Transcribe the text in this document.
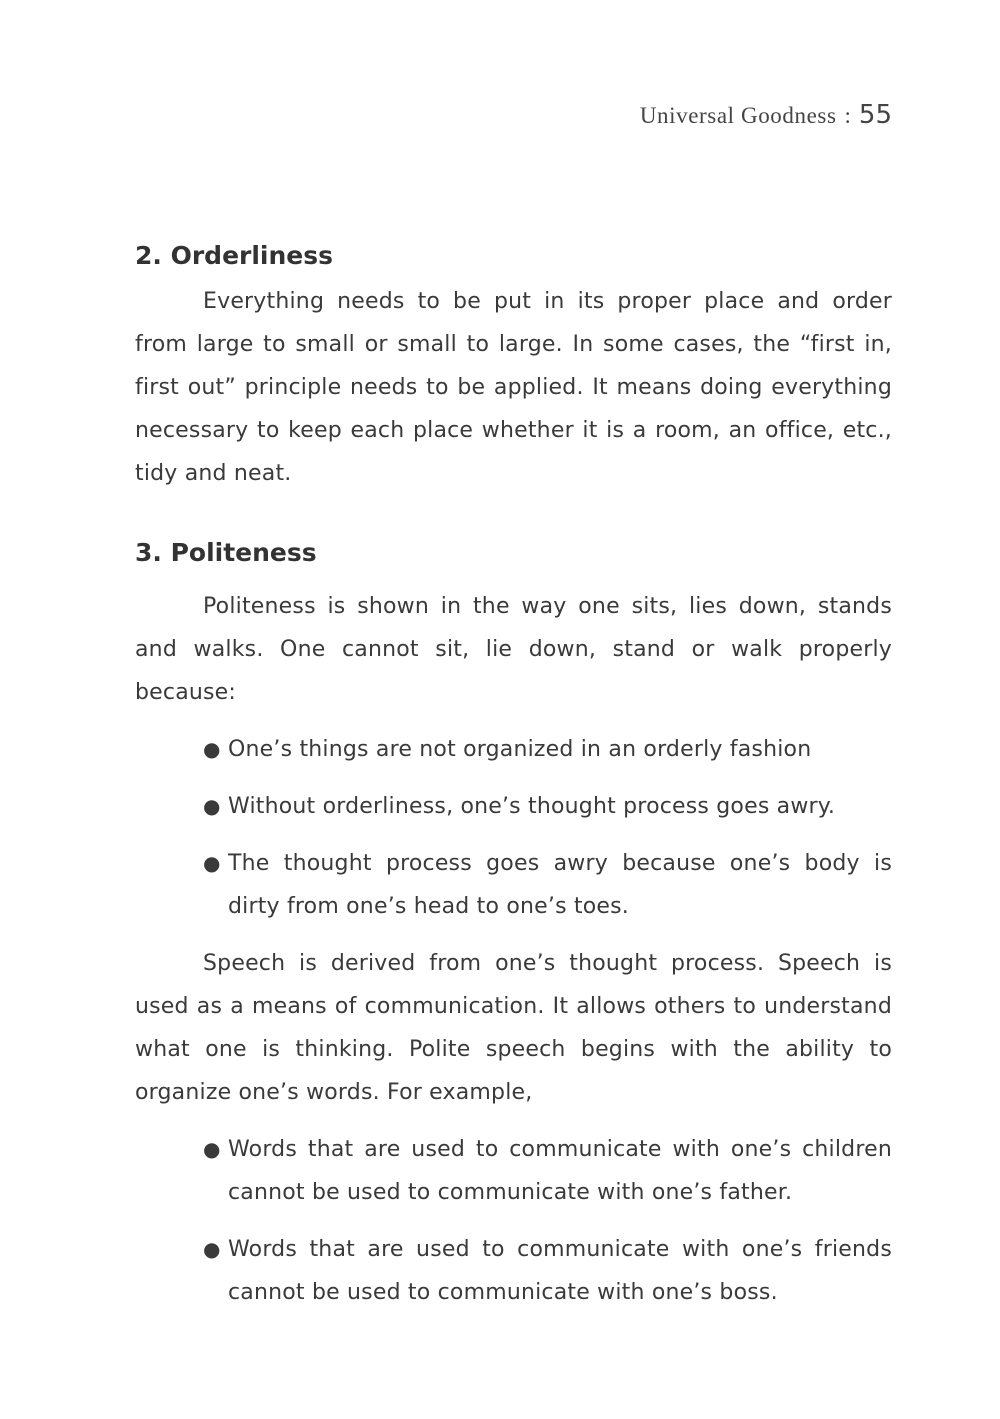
Universal Goodness : 55
2. Orderliness

Everything needs to be put in its proper place and order from large to small or small to large. In some cases, the “first in, first out” principle needs to be applied. It means doing everything necessary to keep each place whether it is a room, an office, etc., tidy and neat.

3. Politeness

Politeness is shown in the way one sits, lies down, stands and walks. One cannot sit, lie down, stand or walk properly because:

● One’s things are not organized in an orderly fashion
● Without orderliness, one’s thought process goes awry.
● The thought process goes awry because one’s body is dirty from one’s head to one’s toes.

Speech is derived from one’s thought process. Speech is used as a means of communication. It allows others to understand what one is thinking. Polite speech begins with the ability to organize one’s words. For example,

● Words that are used to communicate with one’s children cannot be used to communicate with one’s father.
● Words that are used to communicate with one’s friends cannot be used to communicate with one’s boss.
